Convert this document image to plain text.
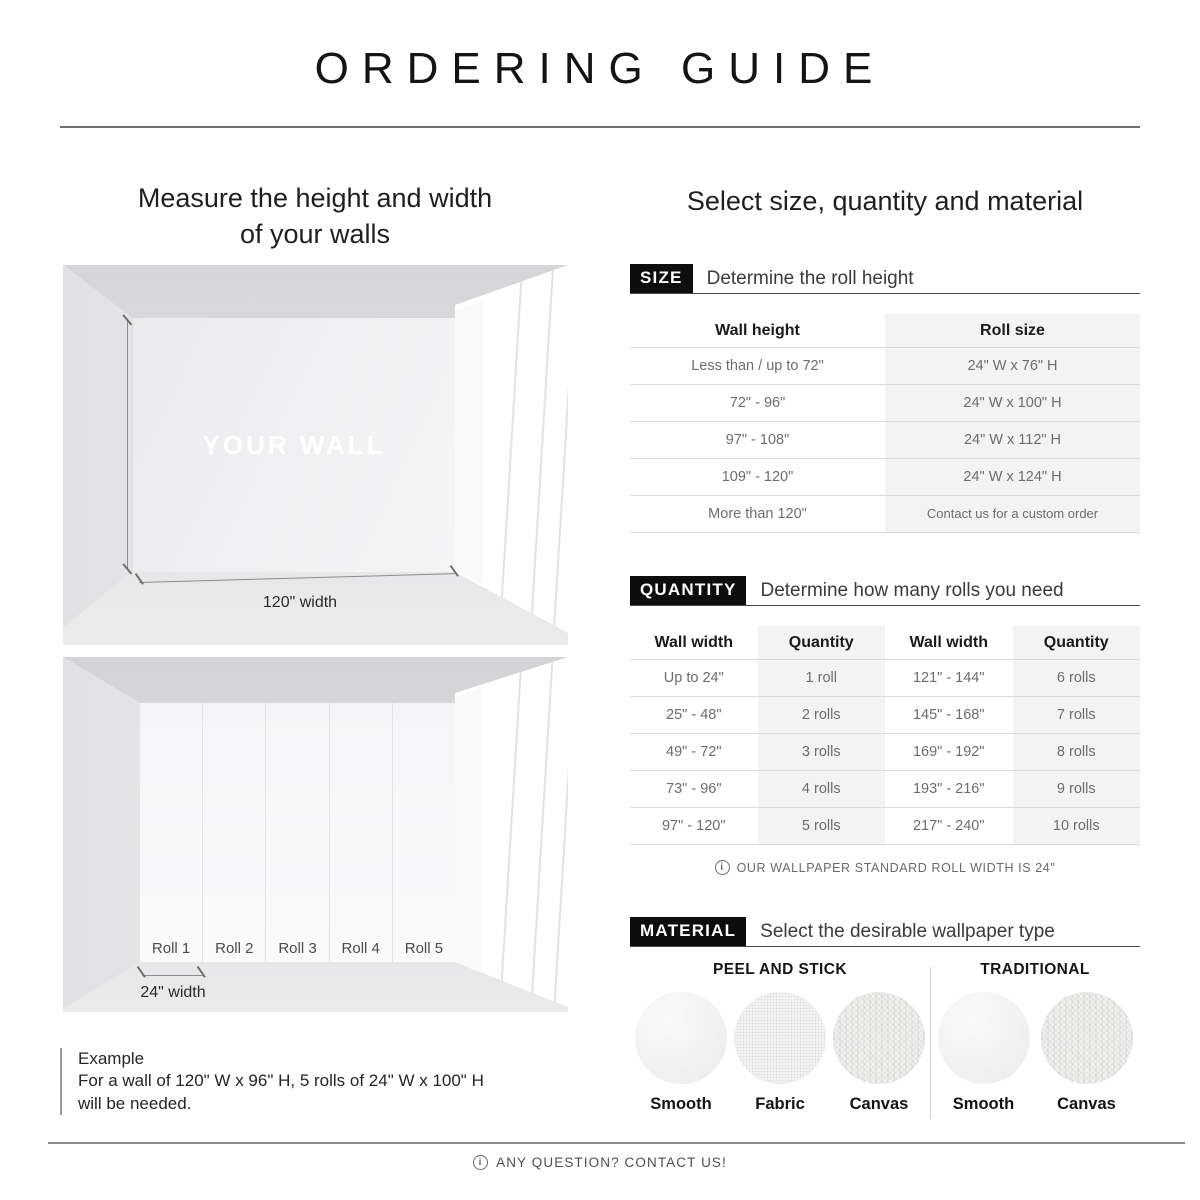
ORDERING GUIDE
Measure the height and width
of your walls
YOUR WALL
120" width
Roll 1	Roll 2	Roll 3	Roll 4	Roll 5
24" width
Example
For a wall of 120" W x 96" H, 5 rolls of 24" W x 100" H
will be needed.
Select size, quantity and material
SIZE	Determine the roll height
Wall height	Roll size
Less than / up to 72"	24" W x 76" H
72" - 96"	24" W x 100" H
97" - 108"	24" W x 112" H
109" - 120"	24" W x 124" H
More than 120"	Contact us for a custom order
QUANTITY	Determine how many rolls you need
Wall width	Quantity	Wall width	Quantity
Up to 24"	1 roll	121" - 144"	6 rolls
25" - 48"	2 rolls	145" - 168"	7 rolls
49" - 72"	3 rolls	169" - 192"	8 rolls
73" - 96"	4 rolls	193" - 216"	9 rolls
97" - 120"	5 rolls	217" - 240"	10 rolls
i	OUR WALLPAPER STANDARD ROLL WIDTH IS 24"
MATERIAL	Select the desirable wallpaper type
PEEL AND STICK
Smooth	Fabric	Canvas
TRADITIONAL
Smooth	Canvas
i	ANY QUESTION? CONTACT US!
